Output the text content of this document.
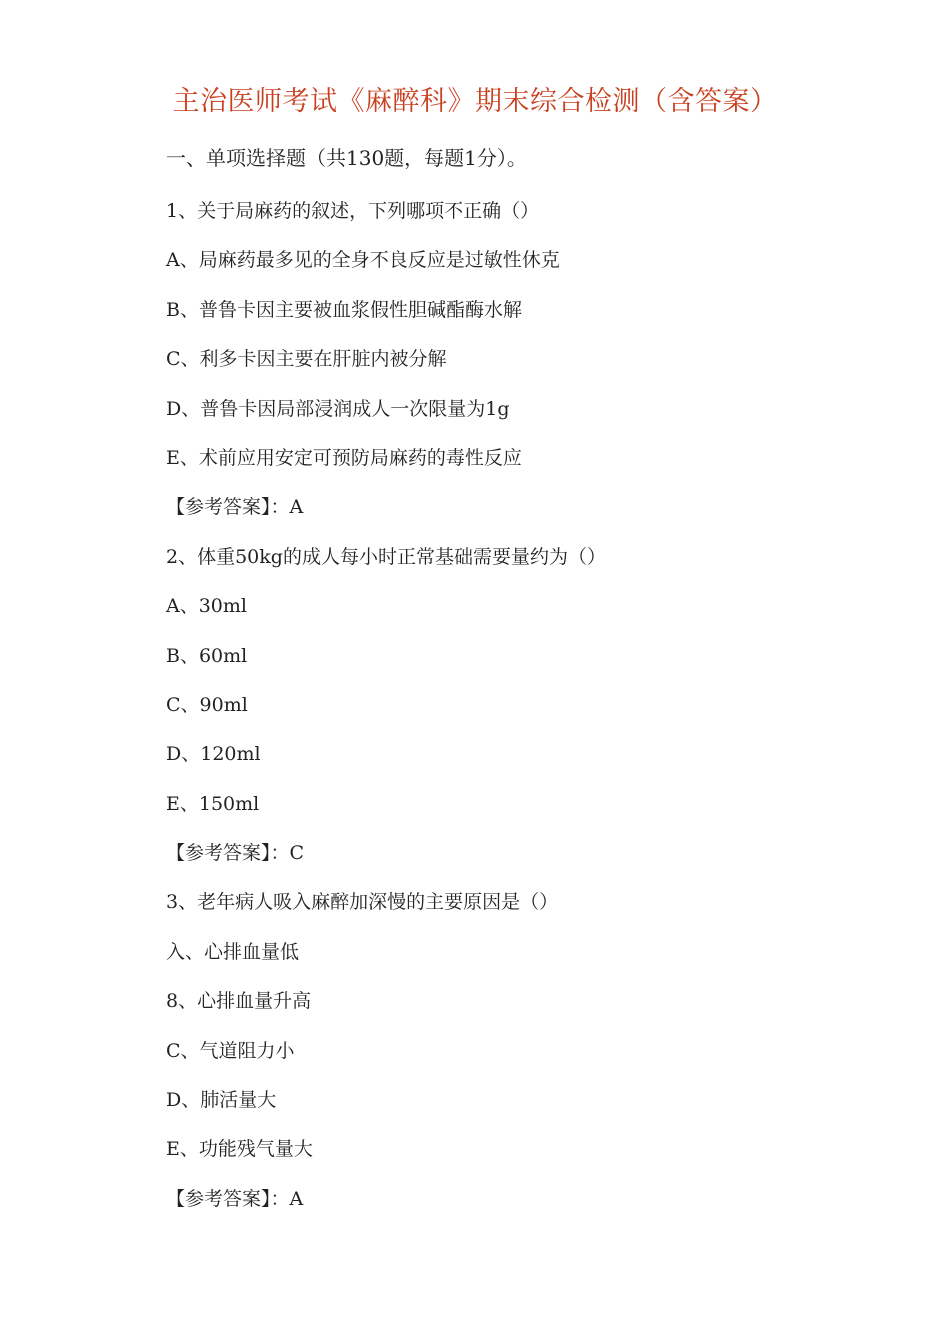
主治医师考试《麻醉科》期末综合检测（含答案）
一、单项选择题（共130题，每题1分）。
1、关于局麻药的叙述，下列哪项不正确（）
A、局麻药最多见的全身不良反应是过敏性休克
B、普鲁卡因主要被血浆假性胆碱酯酶水解
C、利多卡因主要在肝脏内被分解
D、普鲁卡因局部浸润成人一次限量为1g
E、术前应用安定可预防局麻药的毒性反应
【参考答案】：A
2、体重50kg的成人每小时正常基础需要量约为（）
A、30ml
B、60ml
C、90ml
D、120ml
E、150ml
【参考答案】：C
3、老年病人吸入麻醉加深慢的主要原因是（）
入、心排血量低
8、心排血量升高
C、气道阻力小
D、肺活量大
E、功能残气量大
【参考答案】：A
